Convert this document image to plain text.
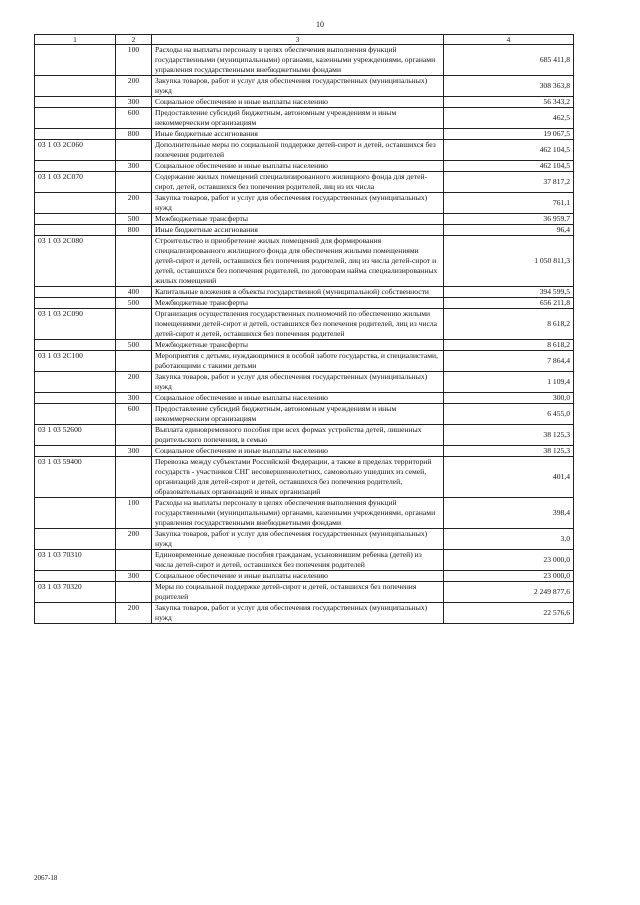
10
1	2	3	4
	100	Расходы на выплаты персоналу в целях обеспечения выполнения функций государственными (муниципальными) органами, казенными учреждениями, органами управления государственными внебюджетными фондами	685 411,8
	200	Закупка товаров, работ и услуг для обеспечения государственных (муниципальных) нужд	308 363,8
	300	Социальное обеспечение и иные выплаты населению	56 343,2
	600	Предоставление субсидий бюджетным, автономным учреждениям и иным некоммерческим организациям	462,5
	800	Иные бюджетные ассигнования	19 067,5
03 1 03 2С060		Дополнительные меры по социальной поддержке детей-сирот и детей, оставшихся без попечения родителей	462 104,5
	300	Социальное обеспечение и иные выплаты населению	462 104,5
03 1 03 2С070		Содержание жилых помещений специализированного жилищного фонда для детей-сирот, детей, оставшихся без попечения родителей, лиц из их числа	37 817,2
	200	Закупка товаров, работ и услуг для обеспечения государственных (муниципальных) нужд	761,1
	500	Межбюджетные трансферты	36 959,7
	800	Иные бюджетные ассигнования	96,4
03 1 03 2С080		Строительство и приобретение жилых помещений для формирования специализированного жилищного фонда для обеспечения жилыми помещениями детей-сирот и детей, оставшихся без попечения родителей, лиц из числа детей-сирот и детей, оставшихся без попечения родителей, по договорам найма специализированных жилых помещений	1 050 811,3
	400	Капитальные вложения в объекты государственной (муниципальной) собственности	394 599,5
	500	Межбюджетные трансферты	656 211,8
03 1 03 2С090		Организация осуществления государственных полномочий по обеспечению жилыми помещениями детей-сирот и детей, оставшихся без попечения родителей, лиц из числа детей-сирот и детей, оставшихся без попечения родителей	8 618,2
	500	Межбюджетные трансферты	8 618,2
03 1 03 2С100		Мероприятия с детьми, нуждающимися в особой заботе государства, и специалистами, работающими с такими детьми	7 864,4
	200	Закупка товаров, работ и услуг для обеспечения государственных (муниципальных) нужд	1 109,4
	300	Социальное обеспечение и иные выплаты населению	300,0
	600	Предоставление субсидий бюджетным, автономным учреждениям и иным некоммерческим организациям	6 455,0
03 1 03 52600		Выплата единовременного пособия при всех формах устройства детей, лишенных родительского попечения, в семью	38 125,3
	300	Социальное обеспечение и иные выплаты населению	38 125,3
03 1 03 59400		Перевозка между субъектами Российской Федерации, а также в пределах территорий государств - участников СНГ несовершеннолетних, самовольно ушедших из семей, организаций для детей-сирот и детей, оставшихся без попечения родителей, образовательных организаций и иных организаций	401,4
	100	Расходы на выплаты персоналу в целях обеспечения выполнения функций государственными (муниципальными) органами, казенными учреждениями, органами управления государственными внебюджетными фондами	398,4
	200	Закупка товаров, работ и услуг для обеспечения государственных (муниципальных) нужд	3,0
03 1 03 70310		Единовременные денежные пособия гражданам, усыновившим ребенка (детей) из числа детей-сирот и детей, оставшихся без попечения родителей	23 000,0
	300	Социальное обеспечение и иные выплаты населению	23 000,0
03 1 03 70320		Меры по социальной поддержке детей-сирот и детей, оставшихся без попечения родителей	2 249 877,6
	200	Закупка товаров, работ и услуг для обеспечения государственных (муниципальных) нужд	22 576,6
2067-18
